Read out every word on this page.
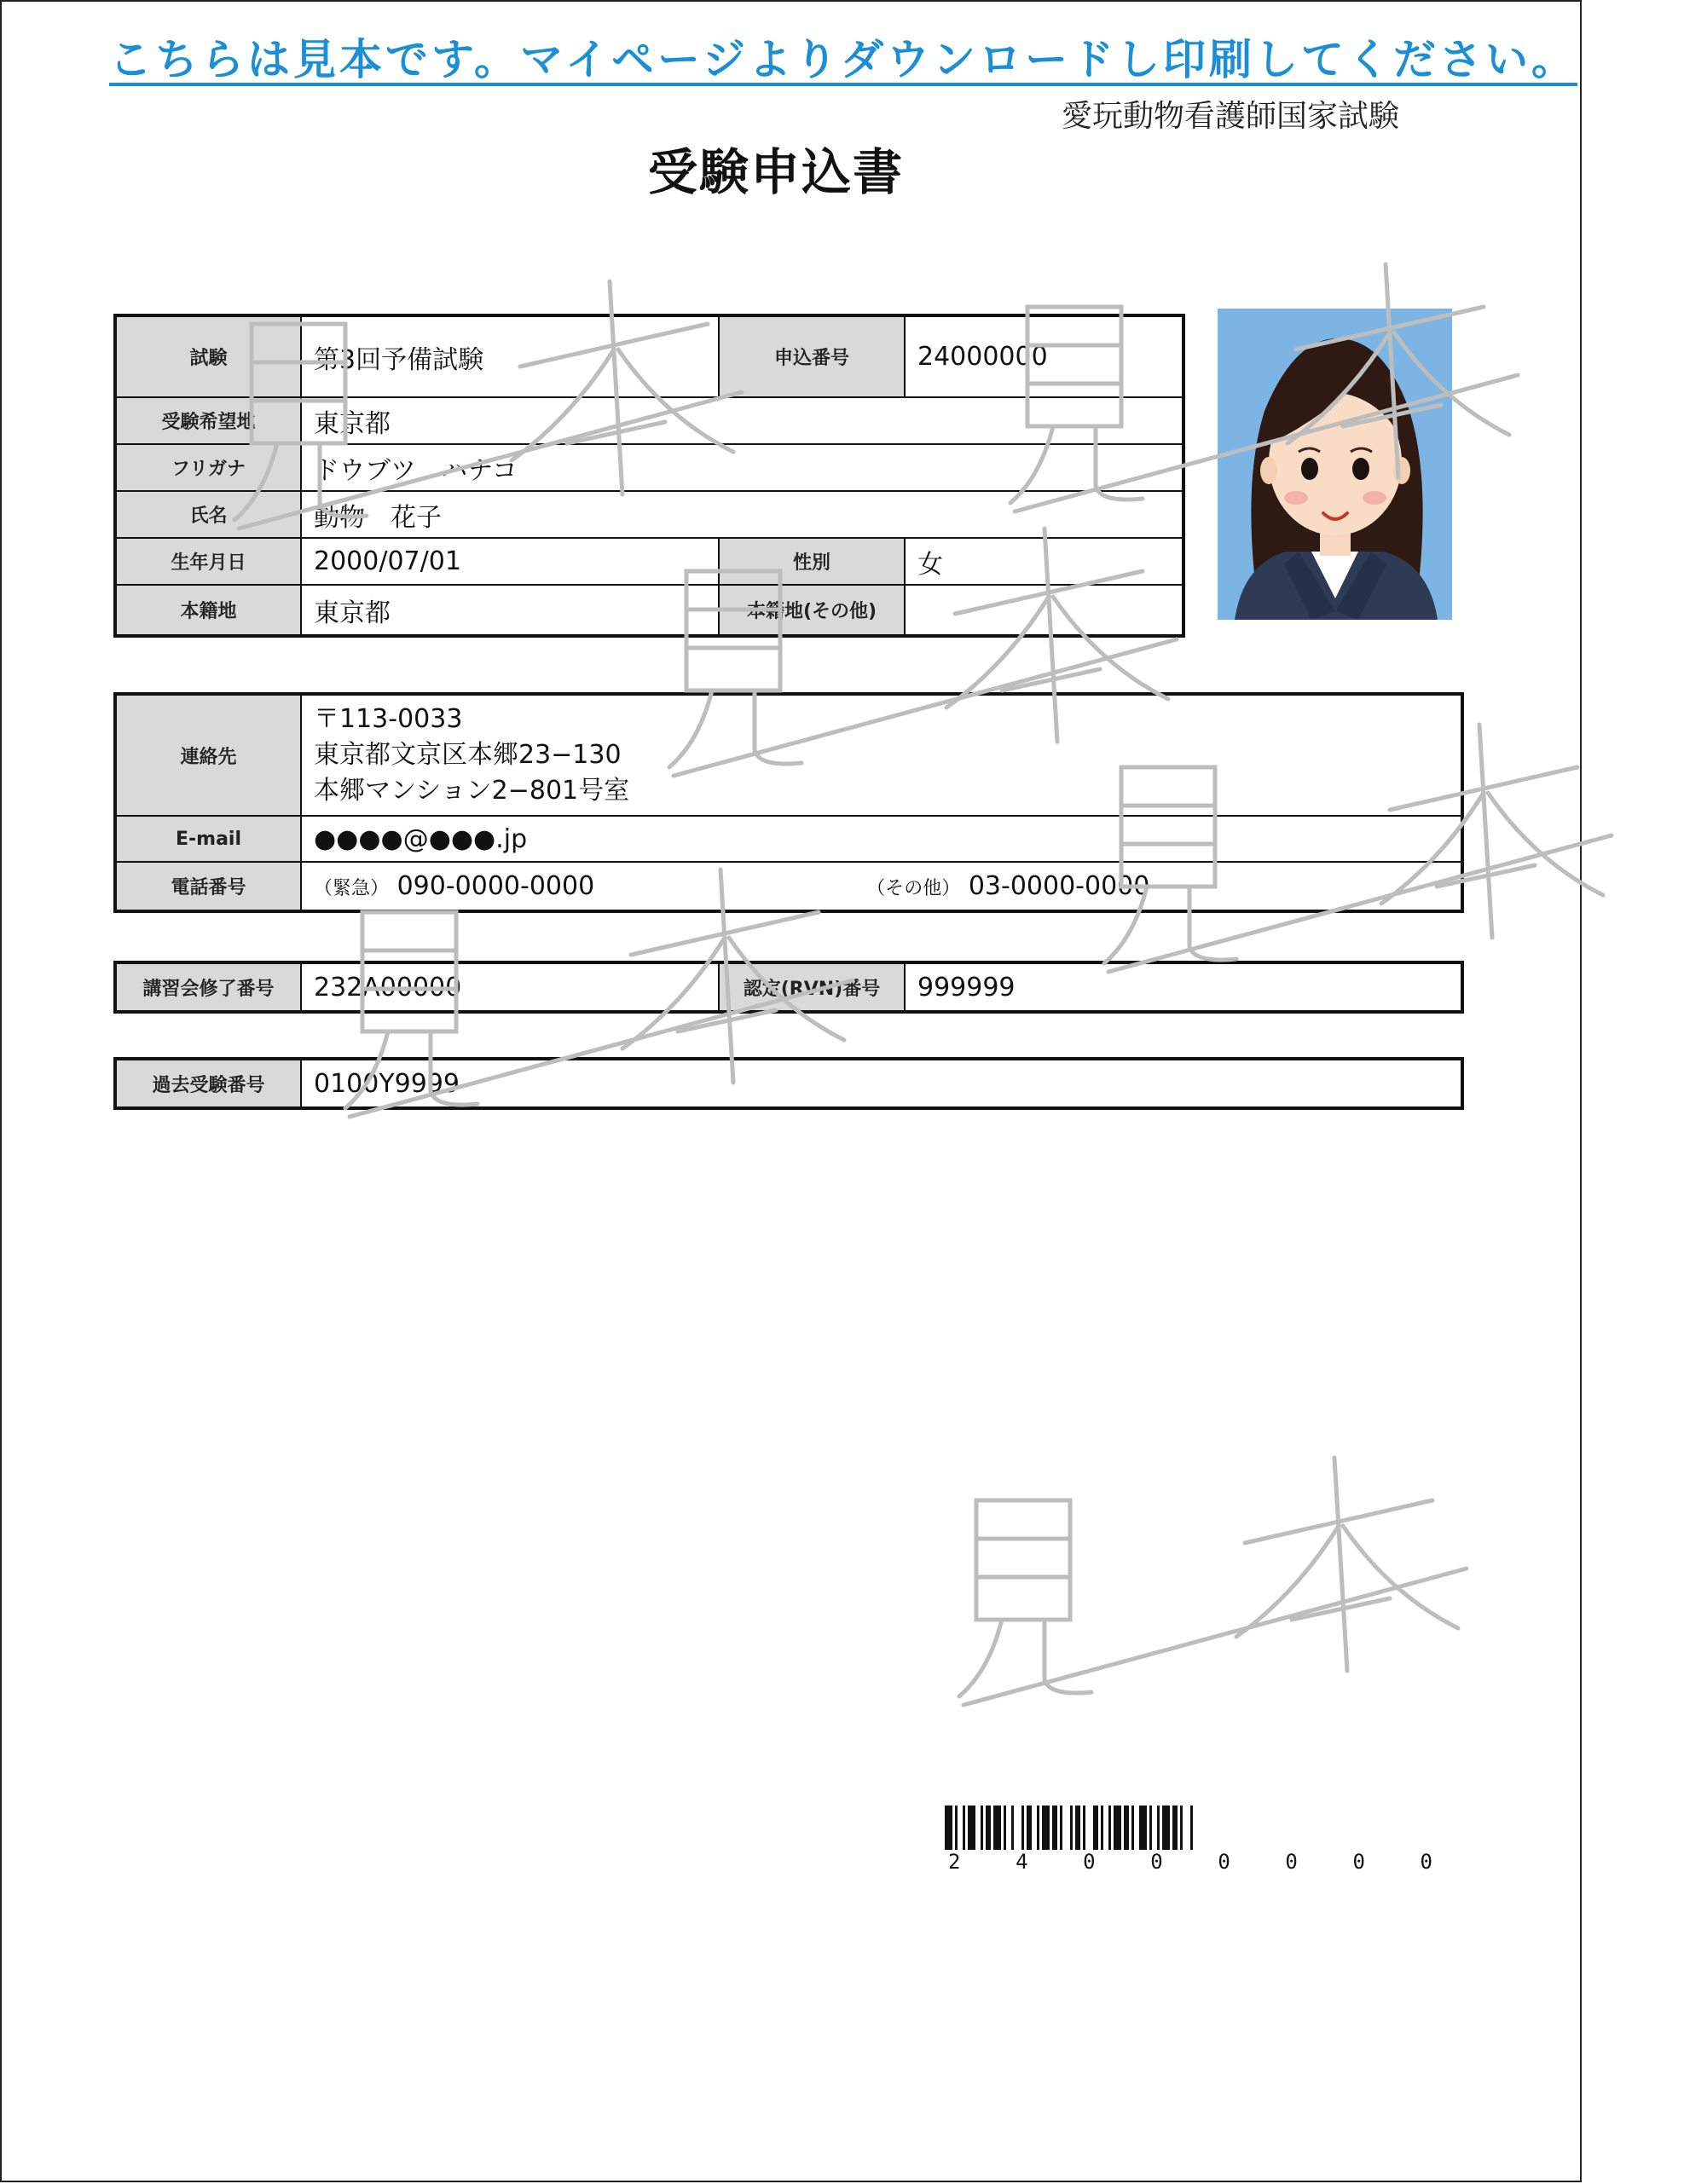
こちらは見本です。マイページよりダウンロードし印刷してください。
愛玩動物看護師国家試験
受験申込書
試験	第3回予備試験	申込番号	24000000
受験希望地	東京都		
フリガナ	ドウブツ　ハナコ		
氏名	動物　花子		
生年月日	2000/07/01	性別	女
本籍地	東京都	本籍地(その他)	
連絡先	〒113-0033
東京都文京区本郷23−130
本郷マンション2−801号室

E-mail	●●●●@●●●.jp
電話番号	（緊急） 090-0000-0000 （その他） 03-0000-0000
講習会修了番号	232A00000	認定(RVN)番号	999999
過去受験番号	0100Y9999
2	4	0	0	0	0	0	0
